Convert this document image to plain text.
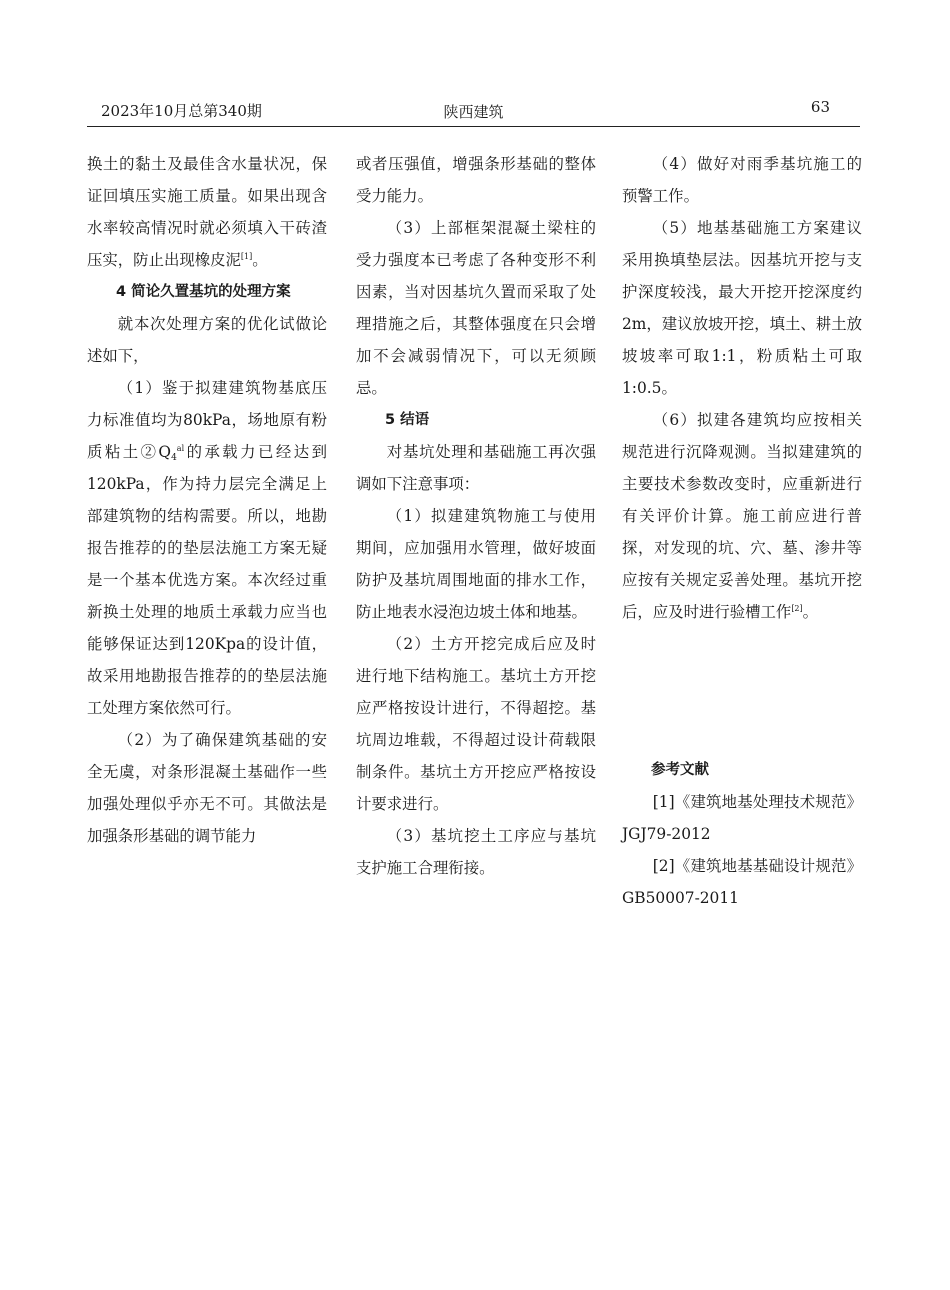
2023年10月总第340期	陕西建筑	63

换土的黏土及最佳含水量状况，保证回填压实施工质量。如果出现含水率较高情况时就必须填入干砖渣压实，防止出现橡皮泥[1]。

4 简论久置基坑的处理方案

就本次处理方案的优化试做论述如下，

（1）鉴于拟建建筑物基底压力标准值均为80kPa，场地原有粉质粘土$②Q_4^{al}$的承载力已经达到120kPa，作为持力层完全满足上部建筑物的结构需要。所以，地勘报告推荐的的垫层法施工方案无疑是一个基本优选方案。本次经过重新换土处理的地质土承载力应当也能够保证达到120Kpa的设计值，故采用地勘报告推荐的的垫层法施工处理方案依然可行。

（2）为了确保建筑基础的安全无虞，对条形混凝土基础作一些加强处理似乎亦无不可。其做法是加强条形基础的调节能力

或者压强值，增强条形基础的整体受力能力。

（3）上部框架混凝土梁柱的受力强度本已考虑了各种变形不利因素，当对因基坑久置而采取了处理措施之后，其整体强度在只会增加不会减弱情况下，可以无须顾忌。

5 结语

对基坑处理和基础施工再次强调如下注意事项：

（1）拟建建筑物施工与使用期间，应加强用水管理，做好坡面防护及基坑周围地面的排水工作，防止地表水浸泡边坡土体和地基。

（2）土方开挖完成后应及时进行地下结构施工。基坑土方开挖应严格按设计进行，不得超挖。基坑周边堆载，不得超过设计荷载限制条件。基坑土方开挖应严格按设计要求进行。

（3）基坑挖土工序应与基坑支护施工合理衔接。

（4）做好对雨季基坑施工的预警工作。

（5）地基基础施工方案建议采用换填垫层法。因基坑开挖与支护深度较浅，最大开挖开挖深度约2m，建议放坡开挖，填土、耕土放坡坡率可取1:1，粉质粘土可取1:0.5。

（6）拟建各建筑均应按相关规范进行沉降观测。当拟建建筑的主要技术参数改变时，应重新进行有关评价计算。施工前应进行普探，对发现的坑、穴、墓、渗井等应按有关规定妥善处理。基坑开挖后，应及时进行验槽工作[2]。

参考文献

[1]《建筑地基处理技术规范》JGJ79-2012

[2]《建筑地基基础设计规范》GB50007-2011
